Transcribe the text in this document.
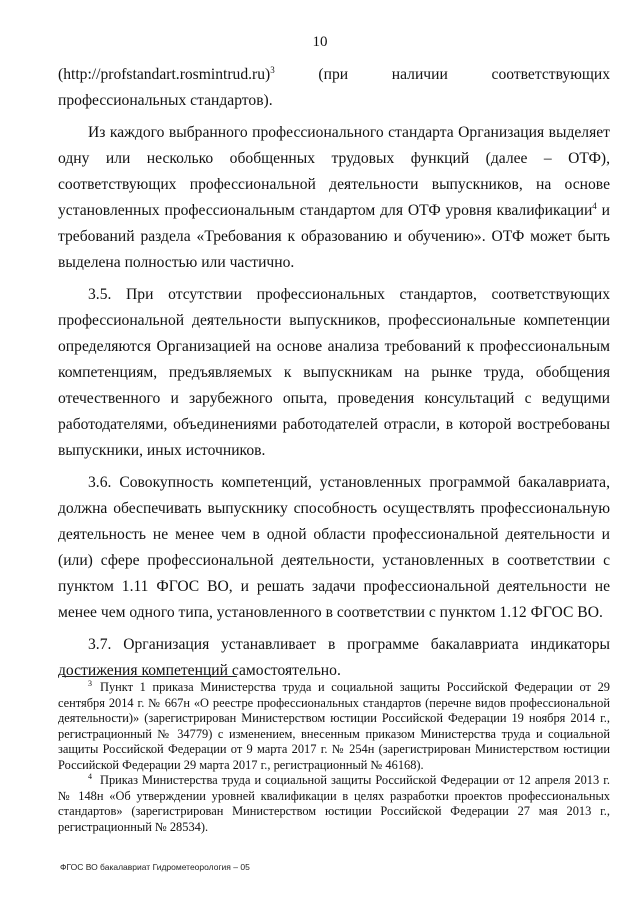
10

(http://profstandart.rosmintrud.ru)$^3$ (при наличии соответствующих профессиональных стандартов).

Из каждого выбранного профессионального стандарта Организация выделяет одну или несколько обобщенных трудовых функций (далее – ОТФ), соответствующих профессиональной деятельности выпускников, на основе установленных профессиональным стандартом для ОТФ уровня квалификации$^4$ и требований раздела «Требования к образованию и обучению». ОТФ может быть выделена полностью или частично.

3.5. При отсутствии профессиональных стандартов, соответствующих профессиональной деятельности выпускников, профессиональные компетенции определяются Организацией на основе анализа требований к профессиональным компетенциям, предъявляемых к выпускникам на рынке труда, обобщения отечественного и зарубежного опыта, проведения консультаций с ведущими работодателями, объединениями работодателей отрасли, в которой востребованы выпускники, иных источников.

3.6. Совокупность компетенций, установленных программой бакалавриата, должна обеспечивать выпускнику способность осуществлять профессиональную деятельность не менее чем в одной области профессиональной деятельности и (или) сфере профессиональной деятельности, установленных в соответствии с пунктом 1.11 ФГОС ВО, и решать задачи профессиональной деятельности не менее чем одного типа, установленного в соответствии с пунктом 1.12 ФГОС ВО.

3.7. Организация устанавливает в программе бакалавриата индикаторы достижения компетенций самостоятельно.

$^3$ Пункт 1 приказа Министерства труда и социальной защиты Российской Федерации от 29 сентября 2014 г. № 667н «О реестре профессиональных стандартов (перечне видов профессиональной деятельности)» (зарегистрирован Министерством юстиции Российской Федерации 19 ноября 2014 г., регистрационный № 34779) с изменением, внесенным приказом Министерства труда и социальной защиты Российской Федерации от 9 марта 2017 г. № 254н (зарегистрирован Министерством юстиции Российской Федерации 29 марта 2017 г., регистрационный № 46168).

$^4$ Приказ Министерства труда и социальной защиты Российской Федерации от 12 апреля 2013 г. № 148н «Об утверждении уровней квалификации в целях разработки проектов профессиональных стандартов» (зарегистрирован Министерством юстиции Российской Федерации 27 мая 2013 г., регистрационный № 28534).

ФГОС ВО бакалавриат Гидрометеорология – 05
